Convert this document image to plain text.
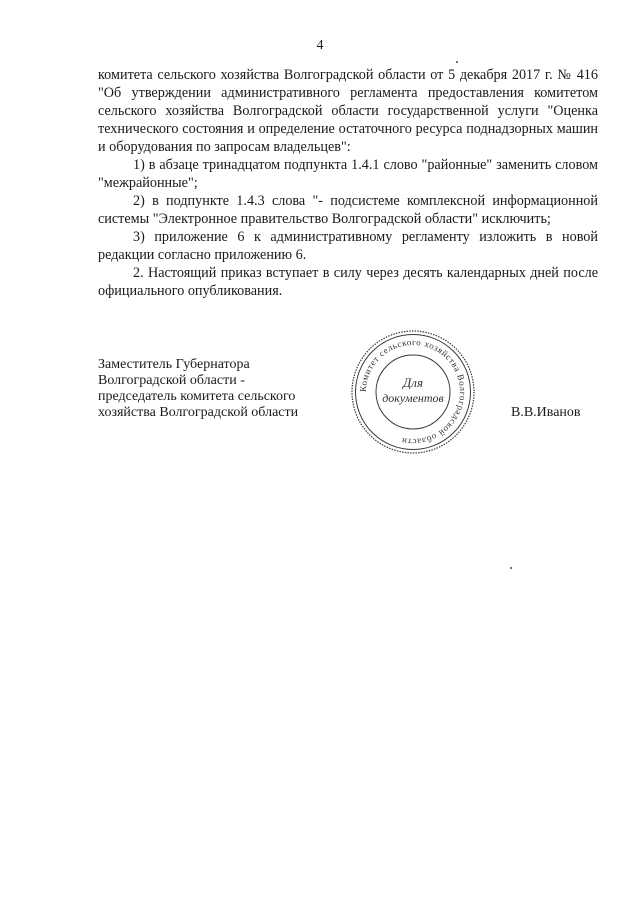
4

комитета сельского хозяйства Волгоградской области от 5 декабря 2017 г. № 416 "Об утверждении административного регламента предоставления комитетом сельского хозяйства Волгоградской области государственной услуги "Оценка технического состояния и определение остаточного ресурса поднадзорных машин и оборудования по запросам владельцев":

1) в абзаце тринадцатом подпункта 1.4.1 слово "районные" заменить словом "межрайонные";

2) в подпункте 1.4.3 слова "- подсистеме комплексной информационной системы "Электронное правительство Волгоградской области" исключить;

3) приложение 6 к административному регламенту изложить в новой редакции согласно приложению 6.

2. Настоящий приказ вступает в силу через десять календарных дней после официального опубликования.

Заместитель Губернатора
Волгоградской области -
председатель комитета сельского
хозяйства Волгоградской области
Комитет сельского хозяйства Волгоградской области
Для
документов
В.В.Иванов
